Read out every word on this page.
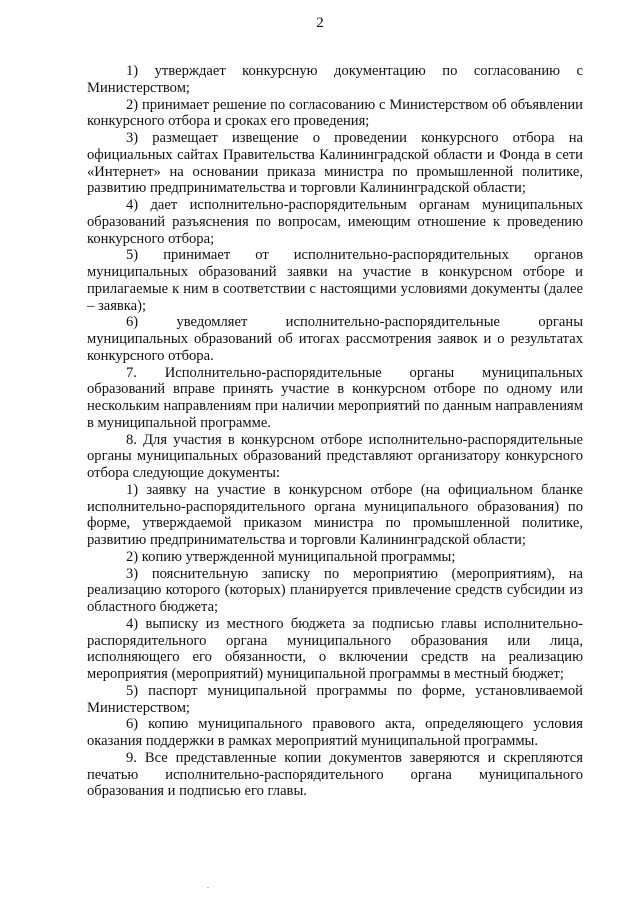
2

1) утверждает конкурсную документацию по согласованию с Министерством;

2) принимает решение по согласованию с Министерством об объявлении конкурсного отбора и сроках его проведения;

3) размещает извещение о проведении конкурсного отбора на официальных сайтах Правительства Калининградской области и Фонда в сети «Интернет» на основании приказа министра по промышленной политике, развитию предпринимательства и торговли Калининградской области;

4) дает исполнительно-распорядительным органам муниципальных образований разъяснения по вопросам, имеющим отношение к проведению конкурсного отбора;

5) принимает от исполнительно-распорядительных органов муниципальных образований заявки на участие в конкурсном отборе и прилагаемые к ним в соответствии с настоящими условиями документы (далее – заявка);

6) уведомляет исполнительно-распорядительные органы муниципальных образований об итогах рассмотрения заявок и о результатах конкурсного отбора.

7. Исполнительно-распорядительные органы муниципальных образований вправе принять участие в конкурсном отборе по одному или нескольким направлениям при наличии мероприятий по данным направлениям в муниципальной программе.

8. Для участия в конкурсном отборе исполнительно-распорядительные органы муниципальных образований представляют организатору конкурсного отбора следующие документы:

1) заявку на участие в конкурсном отборе (на официальном бланке исполнительно-распорядительного органа муниципального образования) по форме, утверждаемой приказом министра по промышленной политике, развитию предпринимательства и торговли Калининградской области;

2) копию утвержденной муниципальной программы;

3) пояснительную записку по мероприятию (мероприятиям), на реализацию которого (которых) планируется привлечение средств субсидии из областного бюджета;

4) выписку из местного бюджета за подписью главы исполнительно-распорядительного органа муниципального образования или лица, исполняющего его обязанности, о включении средств на реализацию мероприятия (мероприятий) муниципальной программы в местный бюджет;

5) паспорт муниципальной программы по форме, установливаемой Министерством;

6) копию муниципального правового акта, определяющего условия оказания поддержки в рамках мероприятий муниципальной программы.

9. Все представленные копии документов заверяются и скрепляются печатью исполнительно-распорядительного органа муниципального образования и подписью его главы.
